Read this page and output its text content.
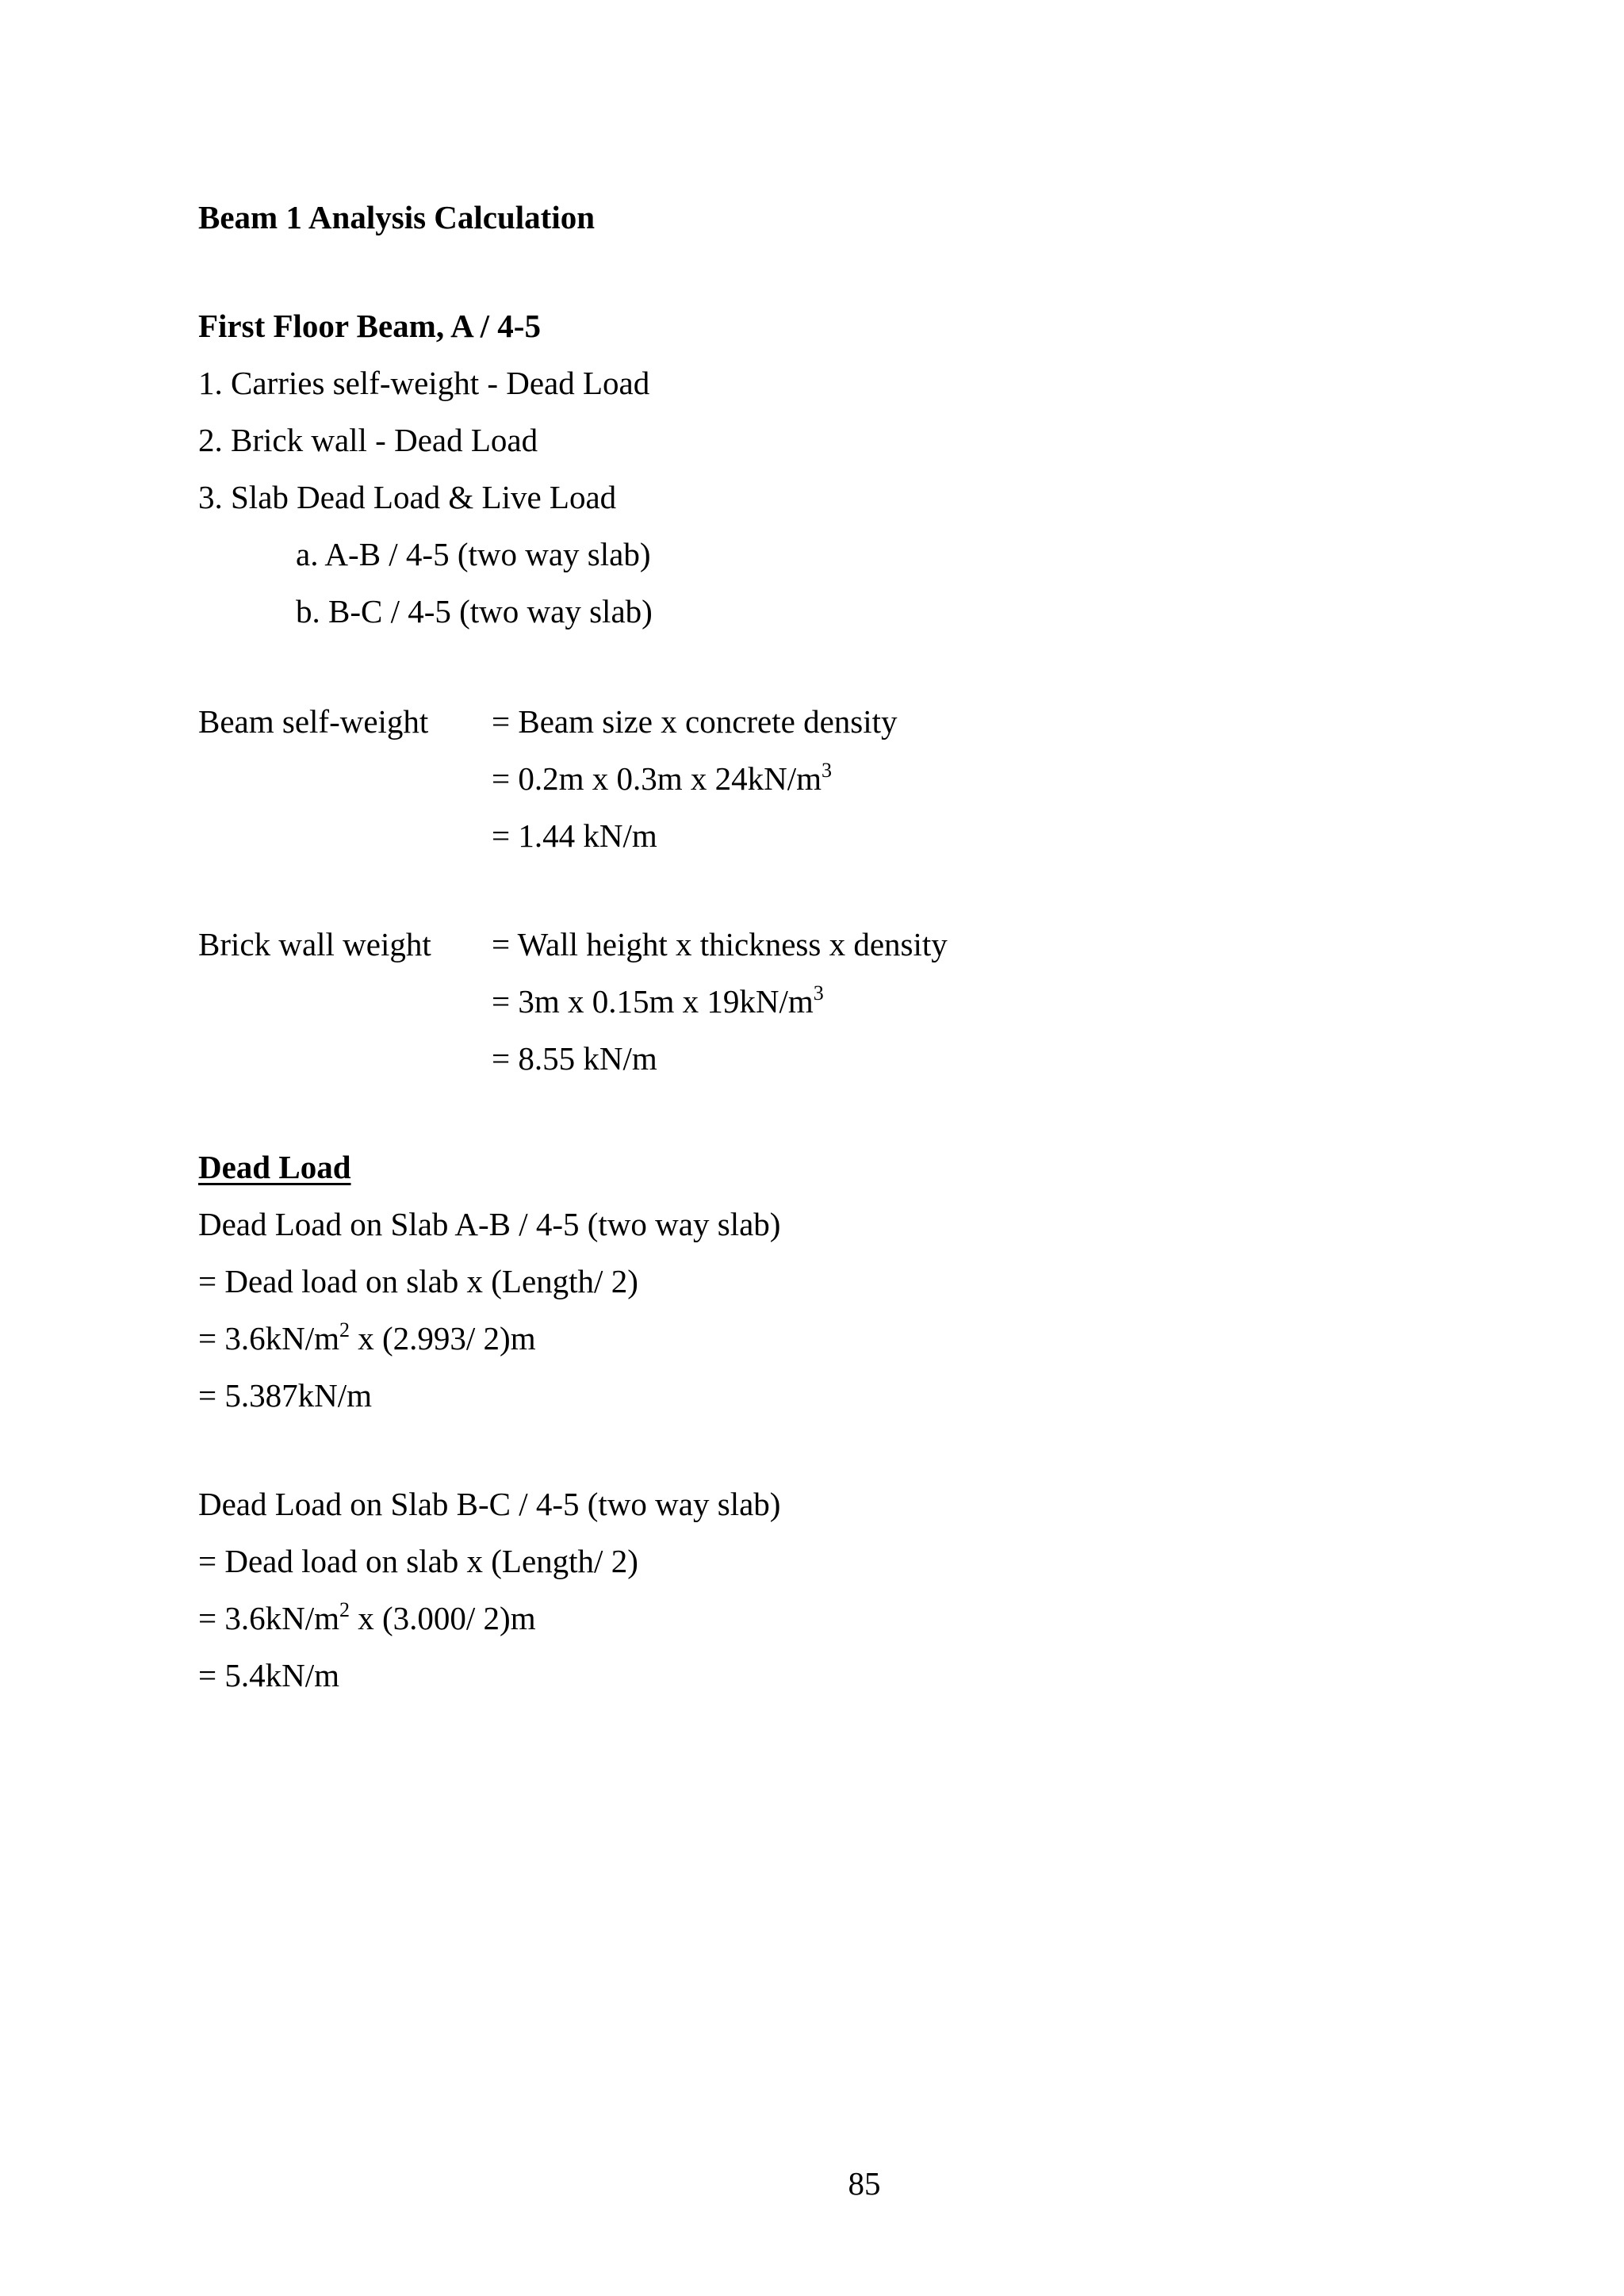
Beam 1 Analysis Calculation
First Floor Beam, A / 4-5
1. Carries self-weight - Dead Load
2. Brick wall - Dead Load
3. Slab Dead Load & Live Load
a. A-B / 4-5 (two way slab)
b. B-C / 4-5 (two way slab)
Beam self-weight = Beam size x concrete density
= 0.2m x 0.3m x $24kN/m^3$
= 1.44 kN/m
Brick wall weight = Wall height x thickness x density
= 3m x 0.15m x $19kN/m^3$
= 8.55 kN/m
Dead Load
Dead Load on Slab A-B / 4-5 (two way slab)
= Dead load on slab x (Length/ 2)
= $3.6kN/m^2$ x (2.993/ 2)m
= 5.387kN/m
Dead Load on Slab B-C / 4-5 (two way slab)
= Dead load on slab x (Length/ 2)
= $3.6kN/m^2$ x (3.000/ 2)m
= 5.4kN/m
85
